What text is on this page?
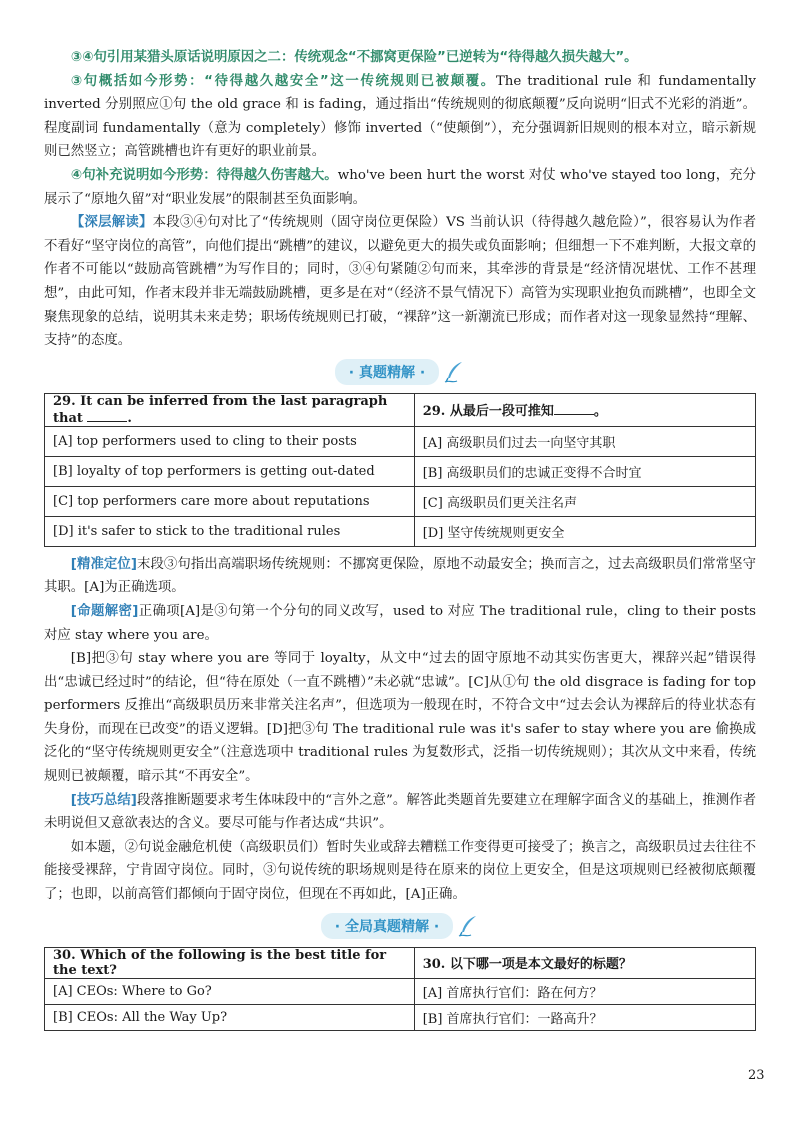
③④句引用某猎头原话说明原因之二：传统观念“不挪窝更保险”已逆转为“待得越久损失越大”。

③句概括如今形势：“待得越久越安全”这一传统规则已被颠覆。The traditional rule 和 fundamentally inverted 分别照应①句 the old grace 和 is fading，通过指出“传统规则的彻底颠覆”反向说明“旧式不光彩的消逝”。程度副词 fundamentally（意为 completely）修饰 inverted（“使颠倒”），充分强调新旧规则的根本对立，暗示新规则已然竖立；高管跳槽也许有更好的职业前景。

④句补充说明如今形势：待得越久伤害越大。who've been hurt the worst 对仗 who've stayed too long，充分展示了“原地久留”对“职业发展”的限制甚至负面影响。

【深层解读】本段③④句对比了“传统规则（固守岗位更保险）VS 当前认识（待得越久越危险）”，很容易认为作者不看好“坚守岗位的高管”，向他们提出“跳槽”的建议，以避免更大的损失或负面影响；但细想一下不难判断，大报文章的作者不可能以“鼓励高管跳槽”为写作目的；同时，③④句紧随②句而来，其牵涉的背景是“经济情况堪忧、工作不甚理想”，由此可知，作者末段并非无端鼓励跳槽，更多是在对“（经济不景气情况下）高管为实现职业抱负而跳槽”，也即全文聚焦现象的总结，说明其未来走势；职场传统规则已打破，“裸辞”这一新潮流已形成；而作者对这一现象显然持“理解、支持”的态度。

· 真题精解 ·
29. It can be inferred from the last paragraph that .	29. 从最后一段可推知 。
[A] top performers used to cling to their posts	[A] 高级职员们过去一向坚守其职
[B] loyalty of top performers is getting out-dated	[B] 高级职员们的忠诚正变得不合时宜
[C] top performers care more about reputations	[C] 高级职员们更关注名声
[D] it's safer to stick to the traditional rules	[D] 坚守传统规则更安全

[精准定位]末段③句指出高端职场传统规则：不挪窝更保险，原地不动最安全；换而言之，过去高级职员们常常坚守其职。[A]为正确选项。

[命题解密]正确项[A]是③句第一个分句的同义改写，used to 对应 The traditional rule，cling to their posts 对应 stay where you are。

[B]把③句 stay where you are 等同于 loyalty，从文中“过去的固守原地不动其实伤害更大，裸辞兴起”错误得出“忠诚已经过时”的结论，但“待在原处（一直不跳槽）”未必就“忠诚”。[C]从①句 the old disgrace is fading for top performers 反推出“高级职员历来非常关注名声”，但选项为一般现在时，不符合文中“过去会认为裸辞后的待业状态有失身份，而现在已改变”的语义逻辑。[D]把③句 The traditional rule was it's safer to stay where you are 偷换成泛化的“坚守传统规则更安全”（注意选项中 traditional rules 为复数形式，泛指一切传统规则）；其次从文中来看，传统规则已被颠覆，暗示其“不再安全”。

[技巧总结]段落推断题要求考生体味段中的“言外之意”。解答此类题首先要建立在理解字面含义的基础上，推测作者未明说但又意欲表达的含义。要尽可能与作者达成“共识”。

如本题，②句说金融危机使（高级职员们）暂时失业或辞去糟糕工作变得更可接受了；换言之，高级职员过去往往不能接受裸辞，宁肯固守岗位。同时，③句说传统的职场规则是待在原来的岗位上更安全，但是这项规则已经被彻底颠覆了；也即，以前高管们都倾向于固守岗位，但现在不再如此，[A]正确。

· 全局真题精解 ·
30. Which of the following is the best title for the text?	30. 以下哪一项是本文最好的标题？
[A] CEOs: Where to Go?	[A] 首席执行官们：路在何方？
[B] CEOs: All the Way Up?	[B] 首席执行官们：一路高升？
23
